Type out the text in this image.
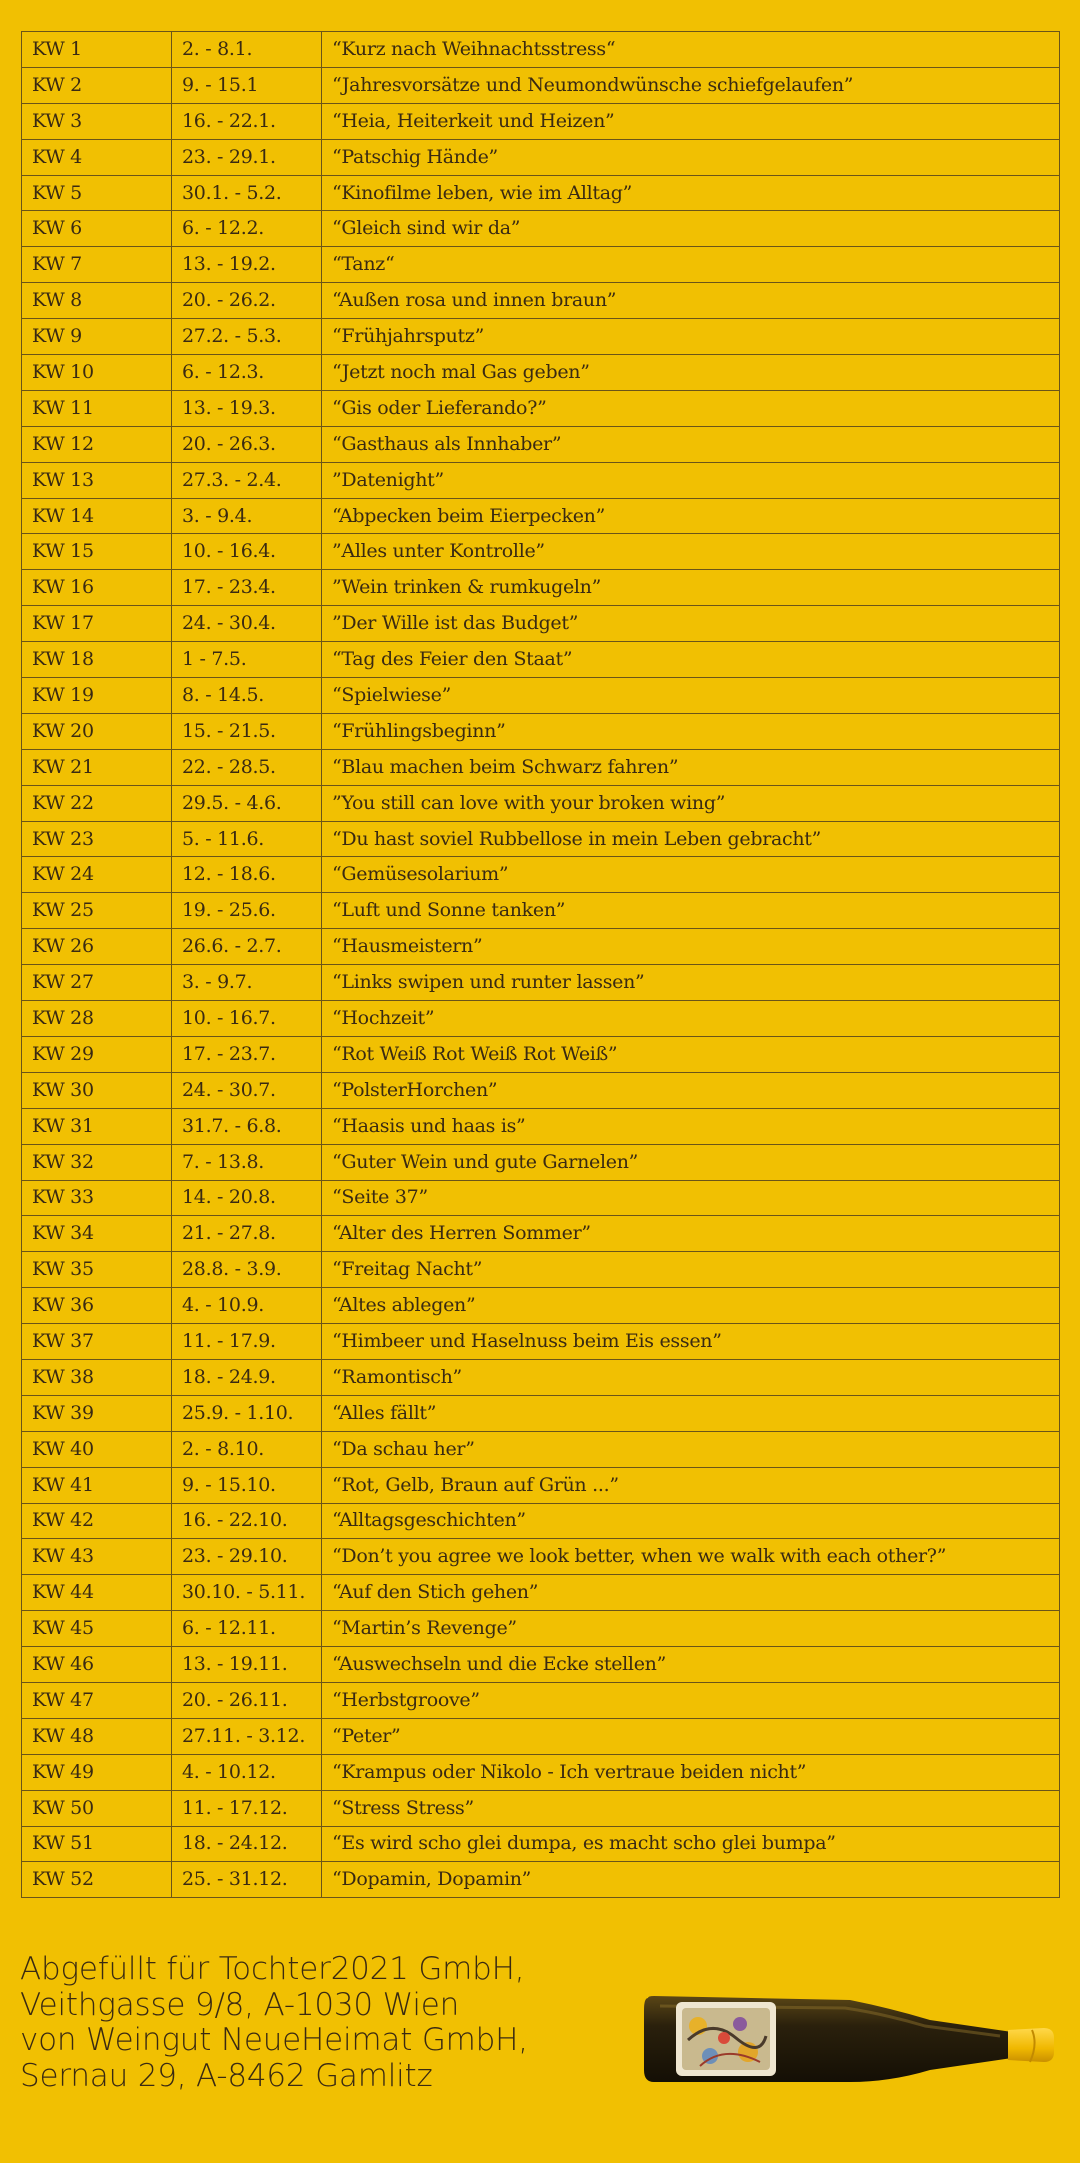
KW 1	2. - 8.1.	“Kurz nach Weihnachtsstress“
KW 2	9. - 15.1	“Jahresvorsätze und Neumondwünsche schiefgelaufen”
KW 3	16. - 22.1.	“Heia, Heiterkeit und Heizen”
KW 4	23. - 29.1.	“Patschig Hände”
KW 5	30.1. - 5.2.	“Kinofilme leben, wie im Alltag”
KW 6	6. - 12.2.	“Gleich sind wir da”
KW 7	13. - 19.2.	“Tanz“
KW 8	20. - 26.2.	“Außen rosa und innen braun”
KW 9	27.2. - 5.3.	“Frühjahrsputz”
KW 10	6. - 12.3.	“Jetzt noch mal Gas geben”
KW 11	13. - 19.3.	“Gis oder Lieferando?”
KW 12	20. - 26.3.	“Gasthaus als Innhaber”
KW 13	27.3. - 2.4.	”Datenight”
KW 14	3. - 9.4.	“Abpecken beim Eierpecken”
KW 15	10. - 16.4.	”Alles unter Kontrolle”
KW 16	17. - 23.4.	”Wein trinken & rumkugeln”
KW 17	24. - 30.4.	”Der Wille ist das Budget”
KW 18	1 - 7.5.	“Tag des Feier den Staat”
KW 19	8. - 14.5.	“Spielwiese”
KW 20	15. - 21.5.	“Frühlingsbeginn”
KW 21	22. - 28.5.	“Blau machen beim Schwarz fahren”
KW 22	29.5. - 4.6.	”You still can love with your broken wing”
KW 23	5. - 11.6.	“Du hast soviel Rubbellose in mein Leben gebracht”
KW 24	12. - 18.6.	“Gemüsesolarium”
KW 25	19. - 25.6.	“Luft und Sonne tanken”
KW 26	26.6. - 2.7.	“Hausmeistern”
KW 27	3. - 9.7.	“Links swipen und runter lassen”
KW 28	10. - 16.7.	“Hochzeit”
KW 29	17. - 23.7.	“Rot Weiß Rot Weiß Rot Weiß”
KW 30	24. - 30.7.	“PolsterHorchen”
KW 31	31.7. - 6.8.	“Haasis und haas is”
KW 32	7. - 13.8.	“Guter Wein und gute Garnelen”
KW 33	14. - 20.8.	“Seite 37”
KW 34	21. - 27.8.	“Alter des Herren Sommer”
KW 35	28.8. - 3.9.	“Freitag Nacht”
KW 36	4. - 10.9.	“Altes ablegen”
KW 37	11. - 17.9.	“Himbeer und Haselnuss beim Eis essen”
KW 38	18. - 24.9.	“Ramontisch”
KW 39	25.9. - 1.10.	“Alles fällt”
KW 40	2. - 8.10.	“Da schau her”
KW 41	9. - 15.10.	“Rot, Gelb, Braun auf Grün ...”
KW 42	16. - 22.10.	“Alltagsgeschichten”
KW 43	23. - 29.10.	“Don’t you agree we look better, when we walk with each other?”
KW 44	30.10. - 5.11.	“Auf den Stich gehen”
KW 45	6. - 12.11.	“Martin’s Revenge”
KW 46	13. - 19.11.	“Auswechseln und die Ecke stellen”
KW 47	20. - 26.11.	“Herbstgroove”
KW 48	27.11. - 3.12.	“Peter”
KW 49	4. - 10.12.	“Krampus oder Nikolo - Ich vertraue beiden nicht”
KW 50	11. - 17.12.	“Stress Stress”
KW 51	18. - 24.12.	“Es wird scho glei dumpa, es macht scho glei bumpa”
KW 52	25. - 31.12.	“Dopamin, Dopamin”
Abgefüllt für Tochter2021 GmbH,
Veithgasse 9/8, A-1030 Wien
von Weingut NeueHeimat GmbH,
Sernau 29, A-8462 Gamlitz
